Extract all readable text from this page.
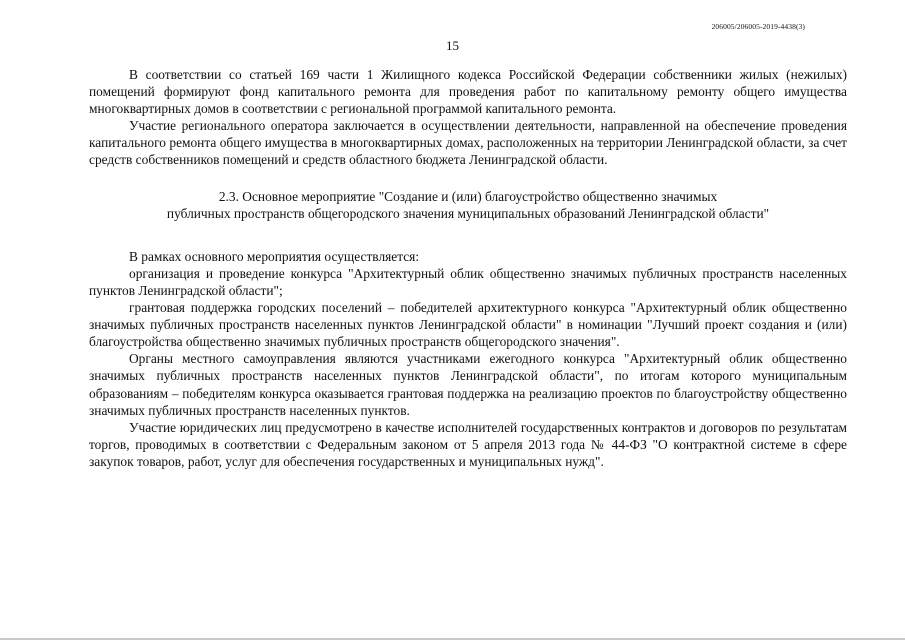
206005/206005-2019-4438(3)
15

В соответствии со статьей 169 части 1 Жилищного кодекса Российской Федерации собственники жилых (нежилых) помещений формируют фонд капитального ремонта для проведения работ по капитальному ремонту общего имущества многоквартирных домов в соответствии с региональной программой капитального ремонта.

Участие регионального оператора заключается в осуществлении деятельности, направленной на обеспечение проведения капитального ремонта общего имущества в многоквартирных домах, расположенных на территории Ленинградской области, за счет средств собственников помещений и средств областного бюджета Ленинградской области.

2.3. Основное мероприятие "Создание и (или) благоустройство общественно значимых
публичных пространств общегородского значения муниципальных образований Ленинградской области"

В рамках основного мероприятия осуществляется:

организация и проведение конкурса "Архитектурный облик общественно значимых публичных пространств населенных пунктов Ленинградской области";

грантовая поддержка городских поселений – победителей архитектурного конкурса "Архитектурный облик общественно значимых публичных пространств населенных пунктов Ленинградской области" в номинации "Лучший проект создания и (или) благоустройства общественно значимых публичных пространств общегородского значения".

Органы местного самоуправления являются участниками ежегодного конкурса "Архитектурный облик общественно значимых публичных пространств населенных пунктов Ленинградской области", по итогам которого муниципальным образованиям – победителям конкурса оказывается грантовая поддержка на реализацию проектов по благоустройству общественно значимых публичных пространств населенных пунктов.

Участие юридических лиц предусмотрено в качестве исполнителей государственных контрактов и договоров по результатам торгов, проводимых в соответствии с Федеральным законом от 5 апреля 2013 года № 44-ФЗ "О контрактной системе в сфере закупок товаров, работ, услуг для обеспечения государственных и муниципальных нужд".
